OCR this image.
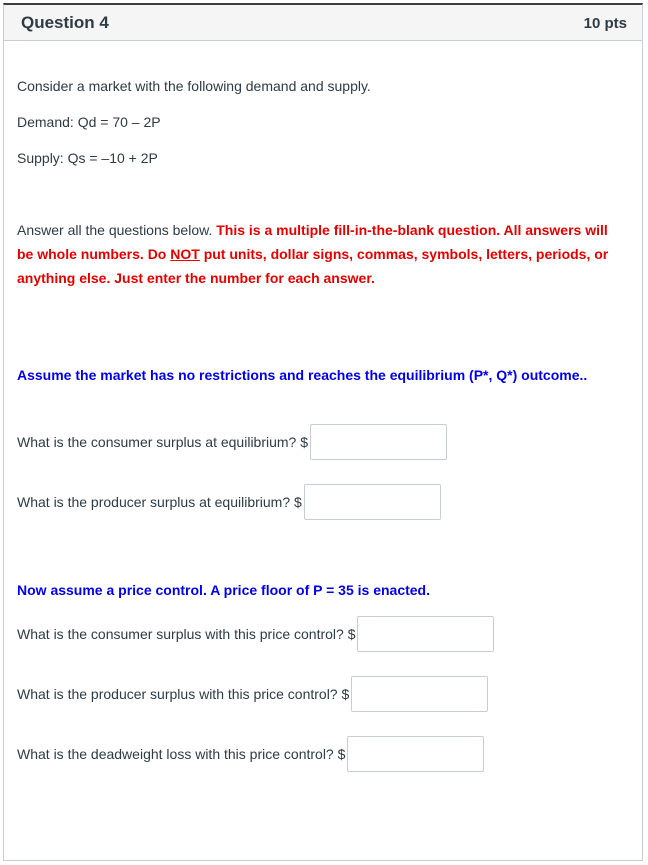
Question 4	10 pts
Consider a market with the following demand and supply.
Demand: Qd = 70 – 2P
Supply: Qs = –10 + 2P
Answer all the questions below. This is a multiple fill-in-the-blank question. All answers will be whole numbers. Do NOT put units, dollar signs, commas, symbols, letters, periods, or anything else. Just enter the number for each answer.
Assume the market has no restrictions and reaches the equilibrium (P*, Q*) outcome..
What is the consumer surplus at equilibrium? $
What is the producer surplus at equilibrium? $
Now assume a price control. A price floor of P = 35 is enacted.
What is the consumer surplus with this price control? $
What is the producer surplus with this price control? $
What is the deadweight loss with this price control? $
